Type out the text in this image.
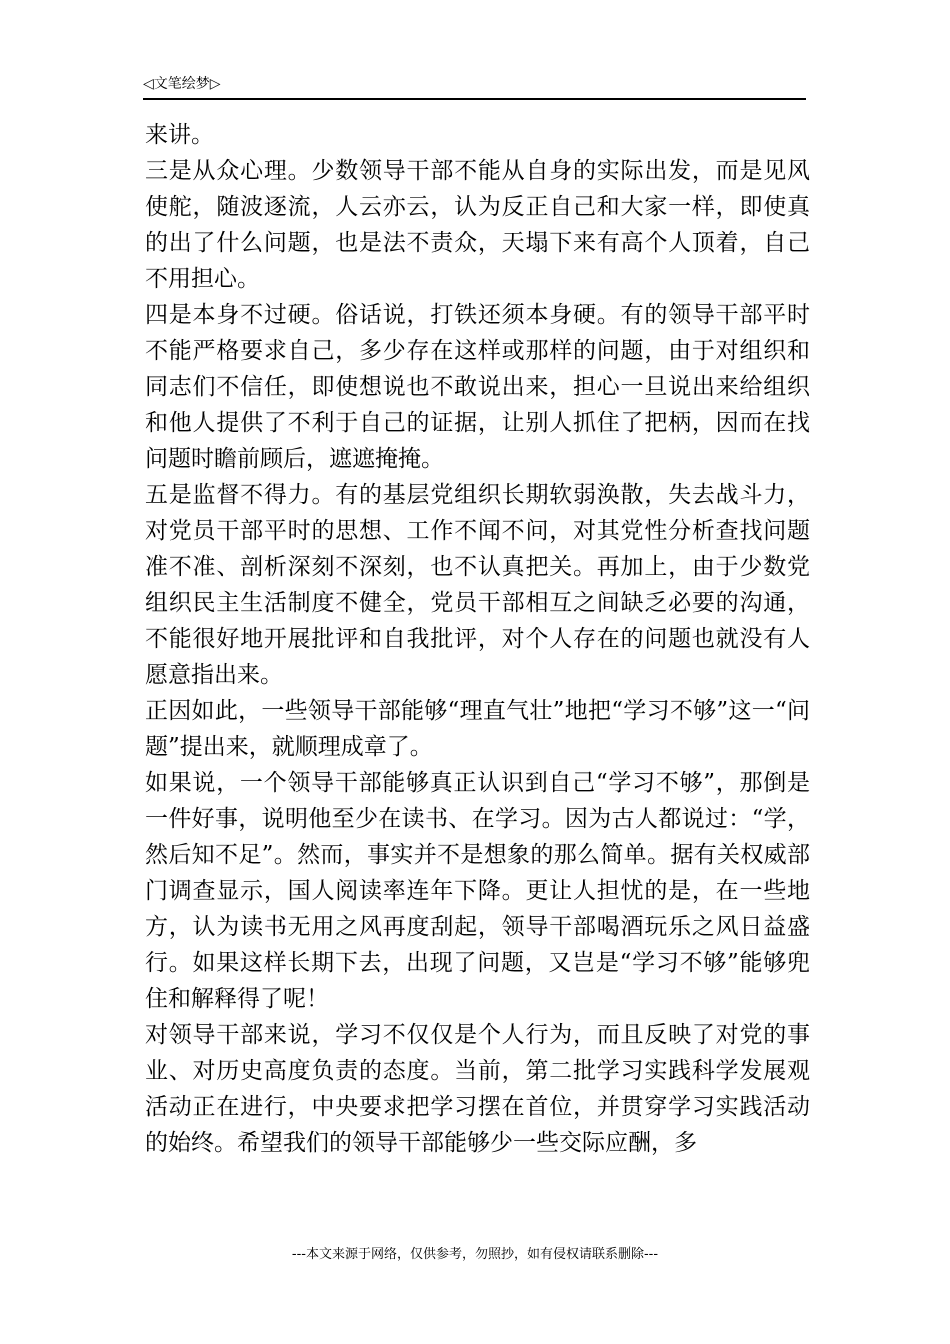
◁文笔绘梦▷

来讲。

三是从众心理。少数领导干部不能从自身的实际出发，而是见风使舵，随波逐流，人云亦云，认为反正自己和大家一样，即使真的出了什么问题，也是法不责众，天塌下来有高个人顶着，自己不用担心。

四是本身不过硬。俗话说，打铁还须本身硬。有的领导干部平时不能严格要求自己，多少存在这样或那样的问题，由于对组织和同志们不信任，即使想说也不敢说出来，担心一旦说出来给组织和他人提供了不利于自己的证据，让别人抓住了把柄，因而在找问题时瞻前顾后，遮遮掩掩。

五是监督不得力。有的基层党组织长期软弱涣散，失去战斗力，对党员干部平时的思想、工作不闻不问，对其党性分析查找问题准不准、剖析深刻不深刻，也不认真把关。再加上，由于少数党组织民主生活制度不健全，党员干部相互之间缺乏必要的沟通，不能很好地开展批评和自我批评，对个人存在的问题也就没有人愿意指出来。

正因如此，一些领导干部能够“理直气壮”地把“学习不够”这一“问题”提出来，就顺理成章了。

如果说，一个领导干部能够真正认识到自己“学习不够”，那倒是一件好事，说明他至少在读书、在学习。因为古人都说过：“学，然后知不足”。然而，事实并不是想象的那么简单。据有关权威部门调查显示，国人阅读率连年下降。更让人担忧的是，在一些地方，认为读书无用之风再度刮起，领导干部喝酒玩乐之风日益盛行。如果这样长期下去，出现了问题，又岂是“学习不够”能够兜住和解释得了呢！

对领导干部来说，学习不仅仅是个人行为，而且反映了对党的事业、对历史高度负责的态度。当前，第二批学习实践科学发展观活动正在进行，中央要求把学习摆在首位，并贯穿学习实践活动的始终。希望我们的领导干部能够少一些交际应酬，多

---本文来源于网络，仅供参考，勿照抄，如有侵权请联系删除---
